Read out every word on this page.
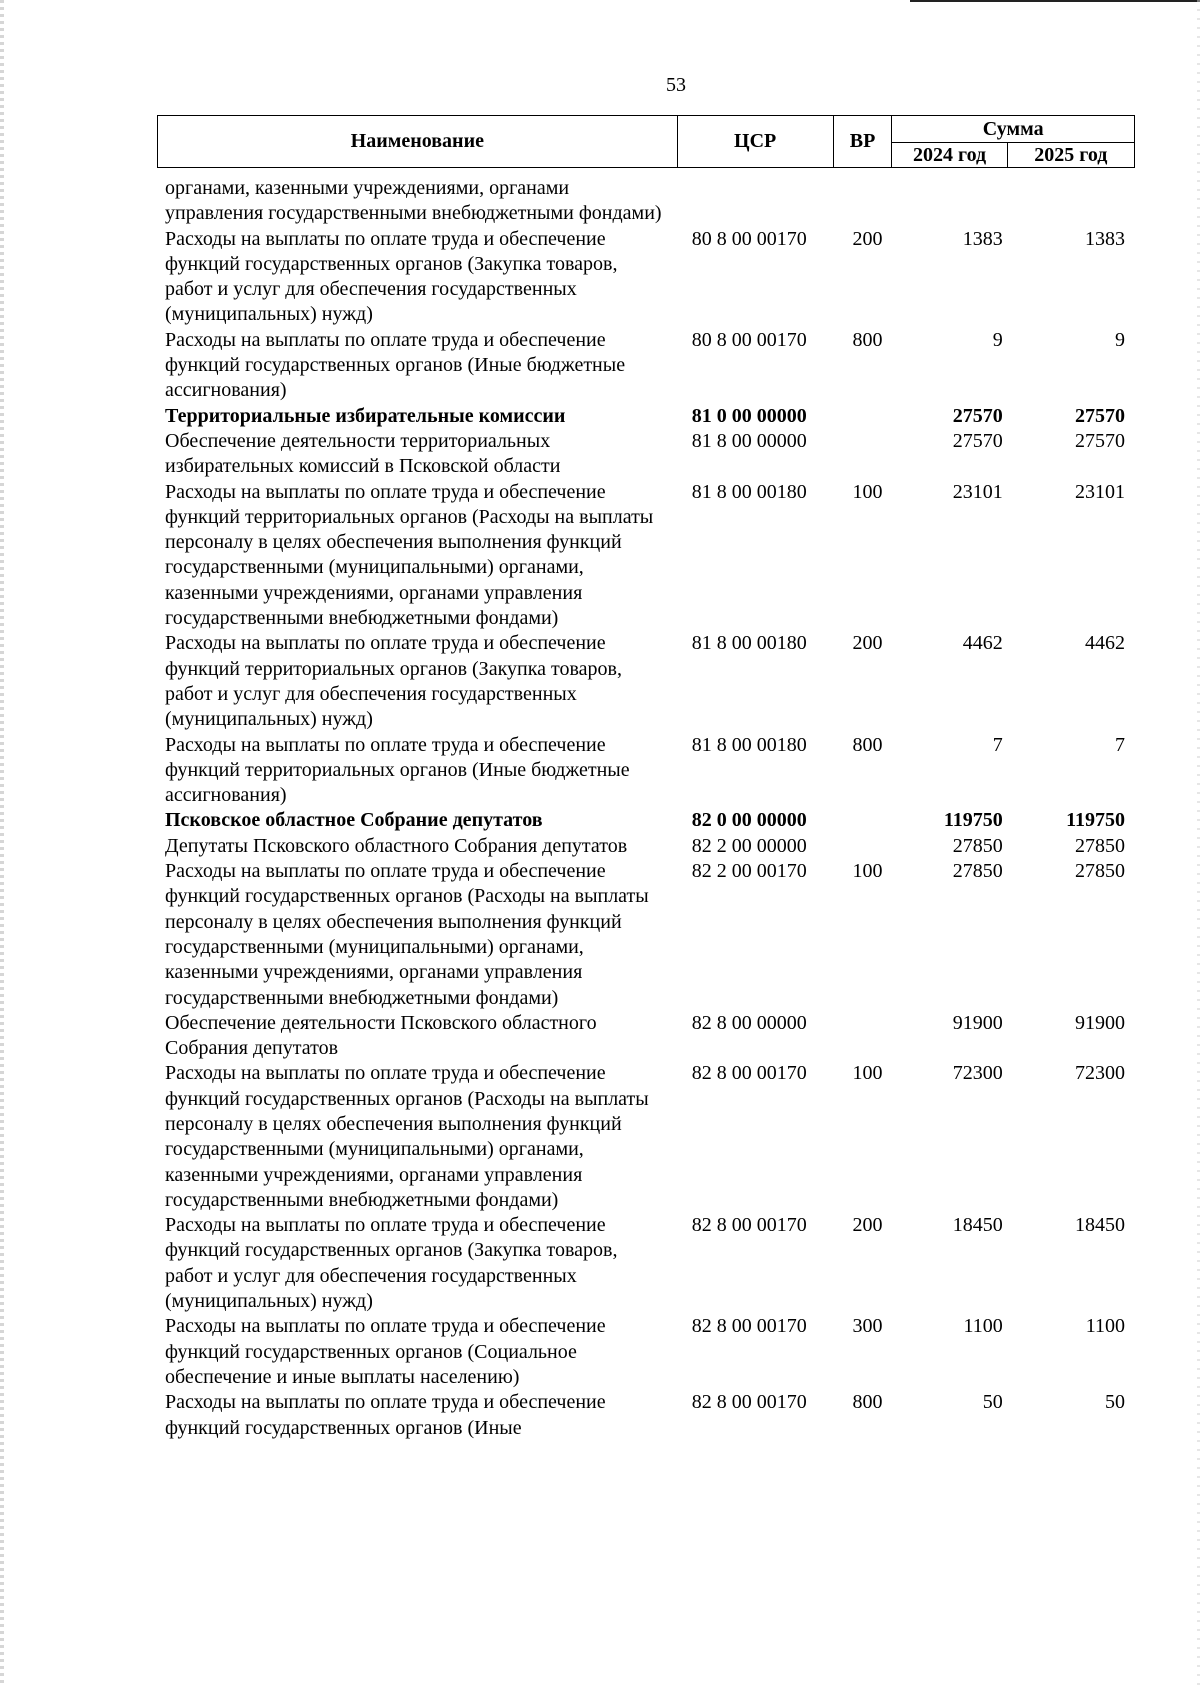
53
Наименование	ЦСР	ВР	Сумма	
			2024 год	2025 год
органами, казенными учреждениями, органами управления государственными внебюджетными фондами)				
Расходы на выплаты по оплате труда и обеспечение функций государственных органов (Закупка товаров, работ и услуг для обеспечения государственных (муниципальных) нужд)	80 8 00 00170	200	1383	1383
Расходы на выплаты по оплате труда и обеспечение функций государственных органов (Иные бюджетные ассигнования)	80 8 00 00170	800	9	9
Территориальные избирательные комиссии	81 0 00 00000		27570	27570
Обеспечение деятельности территориальных избирательных комиссий в Псковской области	81 8 00 00000		27570	27570
Расходы на выплаты по оплате труда и обеспечение функций территориальных органов (Расходы на выплаты персоналу в целях обеспечения выполнения функций государственными (муниципальными) органами, казенными учреждениями, органами управления государственными внебюджетными фондами)	81 8 00 00180	100	23101	23101
Расходы на выплаты по оплате труда и обеспечение функций территориальных органов (Закупка товаров, работ и услуг для обеспечения государственных (муниципальных) нужд)	81 8 00 00180	200	4462	4462
Расходы на выплаты по оплате труда и обеспечение функций территориальных органов (Иные бюджетные ассигнования)	81 8 00 00180	800	7	7
Псковское областное Собрание депутатов	82 0 00 00000		119750	119750
Депутаты Псковского областного Собрания депутатов	82 2 00 00000		27850	27850
Расходы на выплаты по оплате труда и обеспечение функций государственных органов (Расходы на выплаты персоналу в целях обеспечения выполнения функций государственными (муниципальными) органами, казенными учреждениями, органами управления государственными внебюджетными фондами)	82 2 00 00170	100	27850	27850
Обеспечение деятельности Псковского областного Собрания депутатов	82 8 00 00000		91900	91900
Расходы на выплаты по оплате труда и обеспечение функций государственных органов (Расходы на выплаты персоналу в целях обеспечения выполнения функций государственными (муниципальными) органами, казенными учреждениями, органами управления государственными внебюджетными фондами)	82 8 00 00170	100	72300	72300
Расходы на выплаты по оплате труда и обеспечение функций государственных органов (Закупка товаров, работ и услуг для обеспечения государственных (муниципальных) нужд)	82 8 00 00170	200	18450	18450
Расходы на выплаты по оплате труда и обеспечение функций государственных органов (Социальное обеспечение и иные выплаты населению)	82 8 00 00170	300	1100	1100
Расходы на выплаты по оплате труда и обеспечение функций государственных органов (Иные	82 8 00 00170	800	50	50
